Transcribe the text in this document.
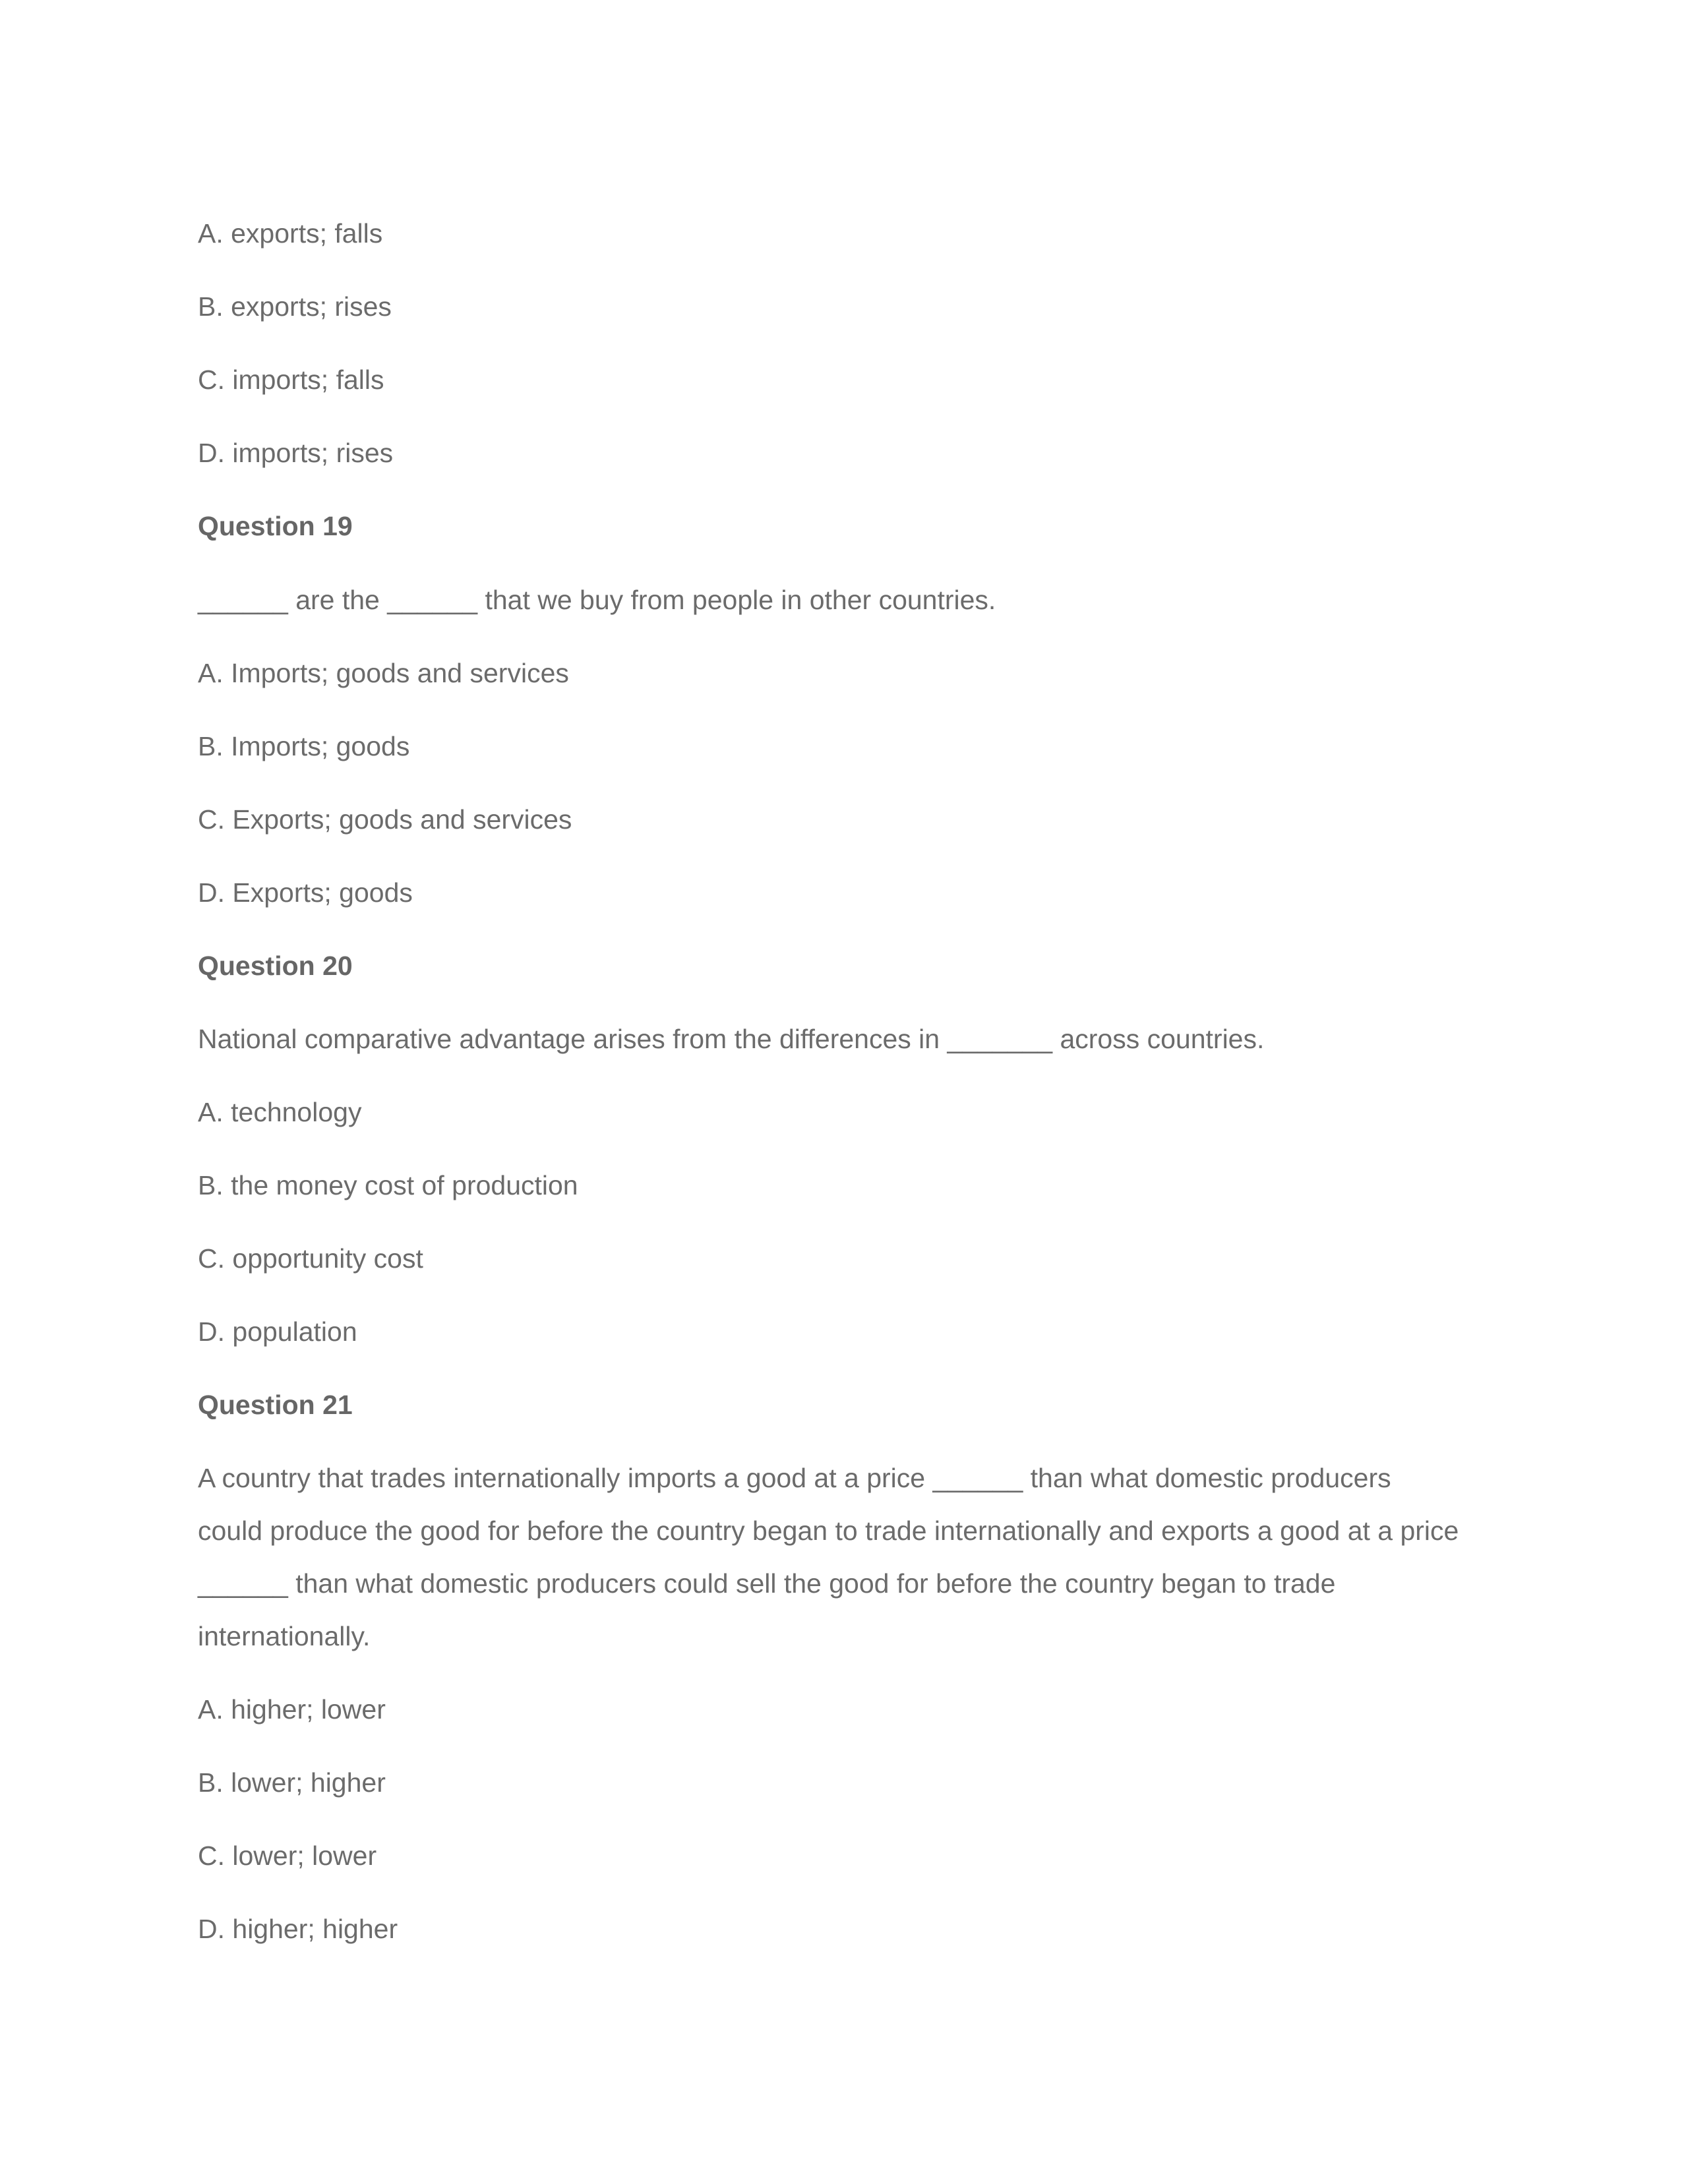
A. exports; falls

B. exports; rises

C. imports; falls

D. imports; rises

Question 19

______ are the ______ that we buy from people in other countries.

A. Imports; goods and services

B. Imports; goods

C. Exports; goods and services

D. Exports; goods

Question 20

National comparative advantage arises from the differences in _______ across countries.

A. technology

B. the money cost of production

C. opportunity cost

D. population

Question 21

A country that trades internationally imports a good at a price ______ than what domestic producers

could produce the good for before the country began to trade internationally and exports a good at a price

______ than what domestic producers could sell the good for before the country began to trade

internationally.

A. higher; lower

B. lower; higher

C. lower; lower

D. higher; higher
